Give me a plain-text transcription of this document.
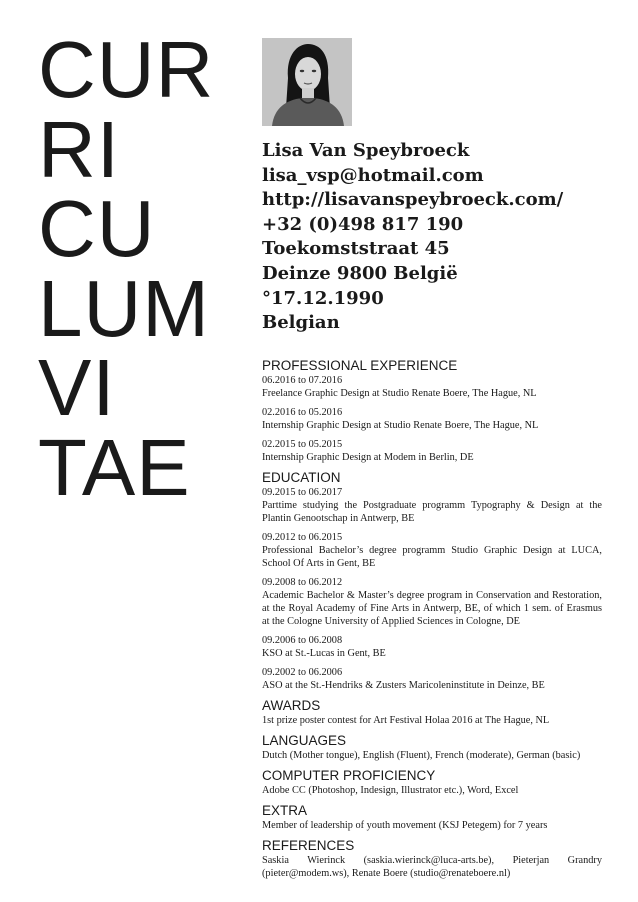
CUR
RI
CU
LUM
VI
TAE
Lisa Van Speybroeck
lisa_vsp@hotmail.com
http://lisavanspeybroeck.com/
+32 (0)498 817 190
Toekomststraat 45
Deinze 9800 België
°17.12.1990
Belgian
PROFESSIONAL EXPERIENCE
06.2016 to 07.2016
Freelance Graphic Design at Studio Renate Boere, The Hague, NL
02.2016 to 05.2016
Internship Graphic Design at Studio Renate Boere, The Hague, NL
02.2015 to 05.2015
Internship Graphic Design at Modem in Berlin, DE
EDUCATION
09.2015 to 06.2017
Parttime studying the Postgraduate programm Typography & Design at the Plantin Genootschap in Antwerp, BE
09.2012 to 06.2015
Professional Bachelor’s degree programm Studio Graphic Design at LUCA, School Of Arts in Gent, BE
09.2008 to 06.2012
Academic Bachelor & Master’s degree program in Conservation and Restoration, at the Royal Academy of Fine Arts in Antwerp, BE, of which 1 sem. of Erasmus at the Cologne University of Applied Sciences in Cologne, DE
09.2006 to 06.2008
KSO at St.-Lucas in Gent, BE
09.2002 to 06.2006
ASO at the St.-Hendriks & Zusters Maricoleninstitute in Deinze, BE
AWARDS
1st prize poster contest for Art Festival Holaa 2016 at The Hague, NL
LANGUAGES
Dutch (Mother tongue), English (Fluent), French (moderate), German (basic)
COMPUTER PROFICIENCY
Adobe CC (Photoshop, Indesign, Illustrator etc.), Word, Excel
EXTRA
Member of leadership of youth movement (KSJ Petegem) for 7 years
REFERENCES
Saskia Wierinck (saskia.wierinck@luca-arts.be), Pieterjan Grandry (pieter@modem.ws), Renate Boere (studio@renateboere.nl)
